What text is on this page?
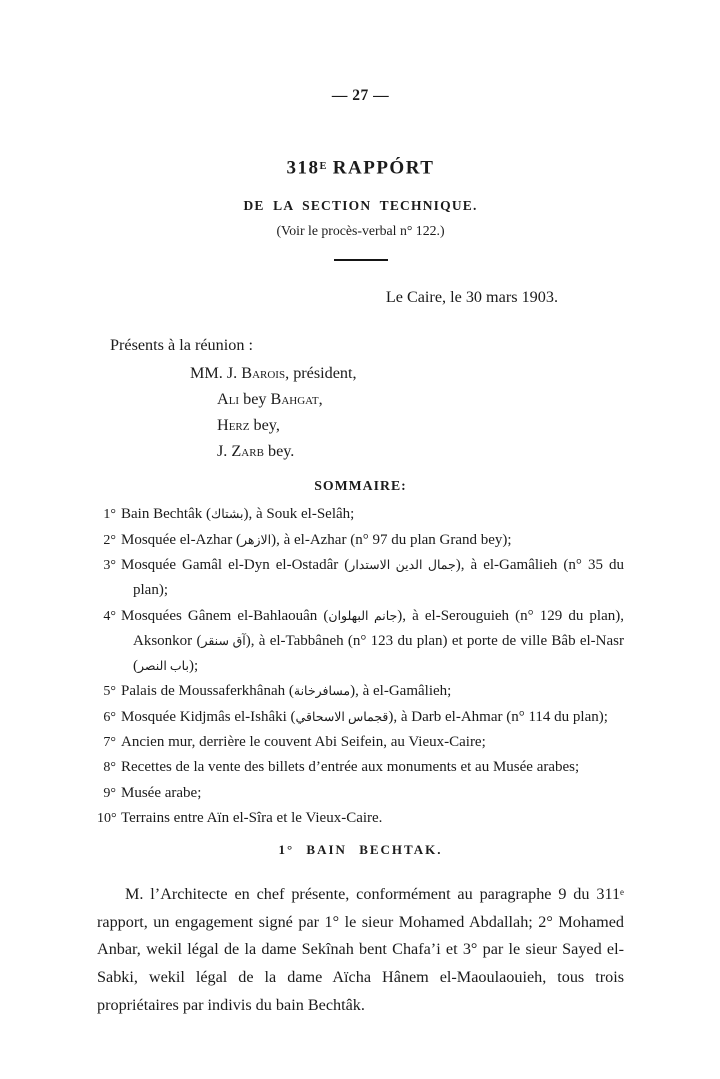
— 27 —
$318^E$ RAPPÓRT
DE LA SECTION TECHNIQUE.
(Voir le procès-verbal n° 122.)
Le Caire, le 30 mars 1903.
Présents à la réunion :
MM. J. Barois, président,
Ali bey Bahgat,
Herz bey,
J. Zarb bey.
SOMMAIRE:
1° Bain Bechtâk (بشتاك), à Souk el-Selâh;
2° Mosquée el-Azhar (الازهر), à el-Azhar (n° 97 du plan Grand bey);
3° Mosquée Gamâl el-Dyn el-Ostadâr (جمال الدين الاستدار), à el-Gamâlieh (n° 35 du plan);
4° Mosquées Gânem el-Bahlaouân (جانم البهلوان), à el-Serouguieh (n° 129 du plan), Aksonkor (آق سنقر), à el-Tabbâneh (n° 123 du plan) et porte de ville Bâb el-Nasr (باب النصر);
5° Palais de Moussaferkhânah (مسافرخانة), à el-Gamâlieh;
6° Mosquée Kidjmâs el-Ishâki (قجماس الاسحاقي), à Darb el-Ahmar (n° 114 du plan);
7° Ancien mur, derrière le couvent Abi Seifein, au Vieux-Caire;
8° Recettes de la vente des billets d’entrée aux monuments et au Musée arabes;
9° Musée arabe;
10° Terrains entre Aïn el-Sîra et le Vieux-Caire.
1° BAIN BECHTAK.

M. l’Architecte en chef présente, conformément au paragraphe 9 du 311e rapport, un engagement signé par 1° le sieur Mohamed Abdallah; 2° Mohamed Anbar, wekil légal de la dame Sekînah bent Chafa’i et 3° par le sieur Sayed el-Sabki, wekil légal de la dame Aïcha Hânem el-Maoulaouieh, tous trois propriétaires par indivis du bain Bechtâk.
